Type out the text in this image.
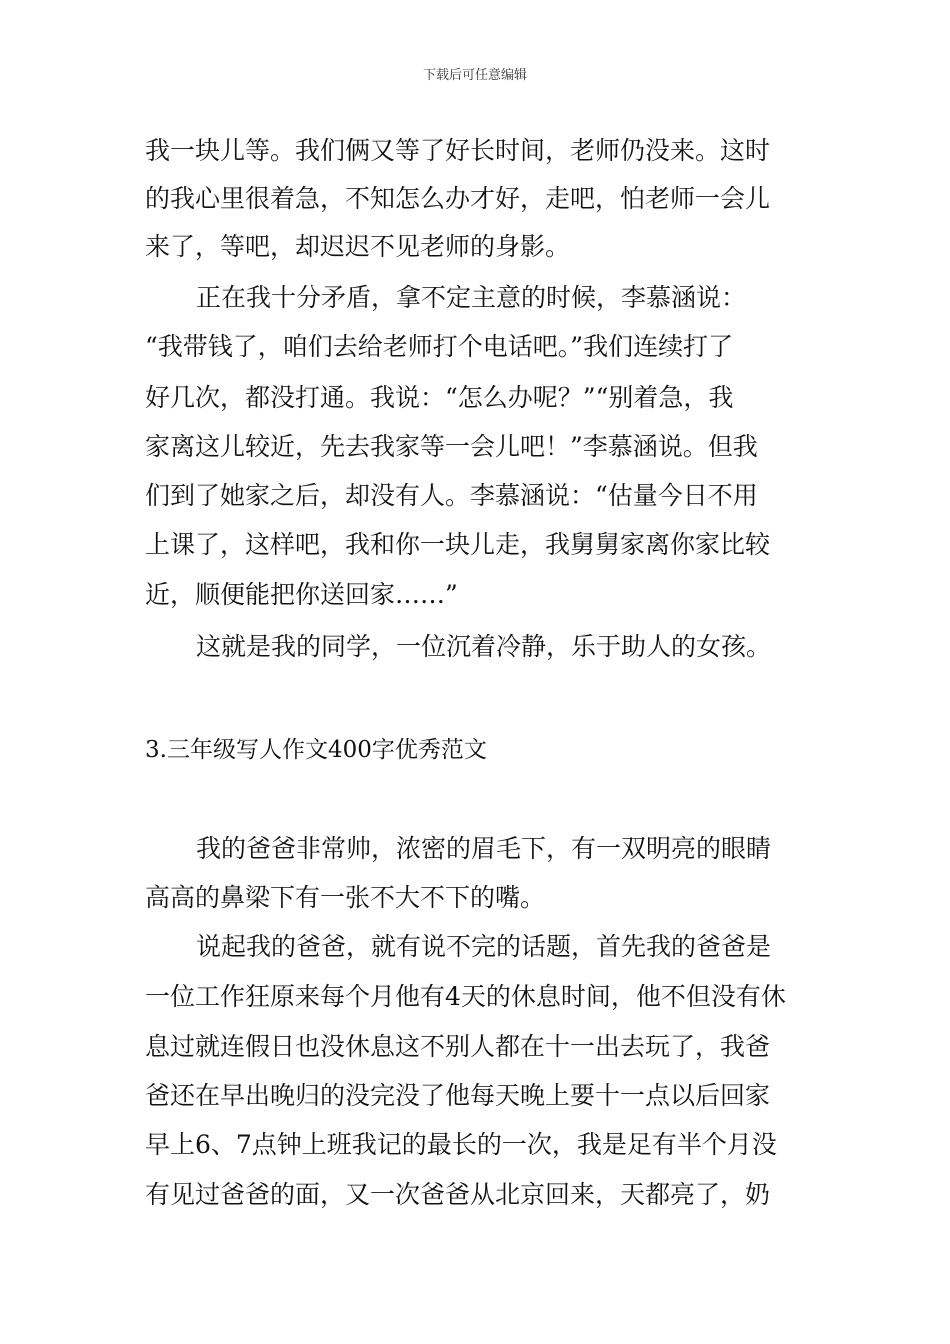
下载后可任意编辑
我一块儿等。我们俩又等了好长时间，老师仍没来。这时
的我心里很着急，不知怎么办才好，走吧，怕老师一会儿
来了，等吧，却迟迟不见老师的身影。
正在我十分矛盾，拿不定主意的时候，李慕涵说：
“我带钱了，咱们去给老师打个电话吧。”我们连续打了
好几次，都没打通。我说：“怎么办呢？”“别着急，我
家离这儿较近，先去我家等一会儿吧！”李慕涵说。但我
们到了她家之后，却没有人。李慕涵说：“估量今日不用
上课了，这样吧，我和你一块儿走，我舅舅家离你家比较
近，顺便能把你送回家……”
这就是我的同学，一位沉着冷静，乐于助人的女孩。
3.三年级写人作文400字优秀范文
我的爸爸非常帅，浓密的眉毛下，有一双明亮的眼睛
高高的鼻梁下有一张不大不下的嘴。
说起我的爸爸，就有说不完的话题，首先我的爸爸是
一位工作狂原来每个月他有4天的休息时间，他不但没有休
息过就连假日也没休息这不别人都在十一出去玩了，我爸
爸还在早出晚归的没完没了他每天晚上要十一点以后回家
早上6、7点钟上班我记的最长的一次，我是足有半个月没
有见过爸爸的面，又一次爸爸从北京回来，天都亮了，奶
